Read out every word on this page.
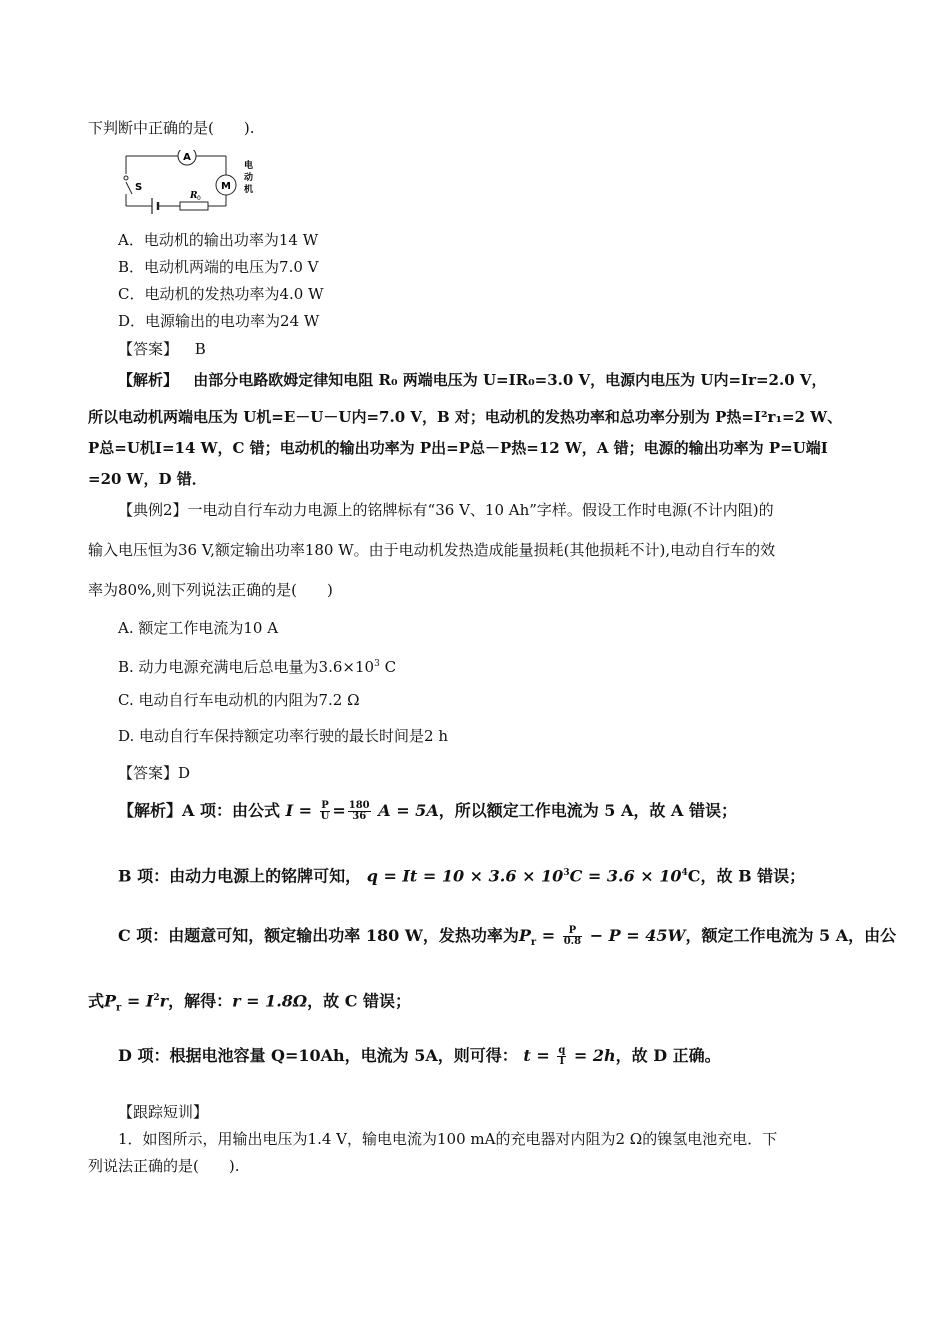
下判断中正确的是(　　).
A
M
S
R 0
电
动
机
A．电动机的输出功率为14 W
B．电动机两端的电压为7.0 V
C．电动机的发热功率为4.0 W
D．电源输出的电功率为24 W
【答案】 B
【解析】 由部分电路欧姆定律知电阻 R₀ 两端电压为 U=IR₀=3.0 V，电源内电压为 U内=Ir=2.0 V，
所以电动机两端电压为 U机=E－U－U内=7.0 V，B 对；电动机的发热功率和总功率分别为 P热=I²r₁=2 W、
P总=U机I=14 W，C 错；电动机的输出功率为 P出=P总－P热=12 W，A 错；电源的输出功率为 P=U端I
=20 W，D 错．
【典例2】一电动自行车动力电源上的铭牌标有“36 V、10 Ah”字样。假设工作时电源(不计内阻)的
输入电压恒为36 V,额定输出功率180 W。由于电动机发热造成能量损耗(其他损耗不计),电动自行车的效
率为80%,则下列说法正确的是(　　)
A. 额定工作电流为10 A
B. 动力电源充满电后总电量为$3.6\times 10^3$ C
C. 电动自行车电动机的内阻为7.2 Ω
D. 电动自行车保持额定功率行驶的最长时间是2 h
【答案】D
【解析】A 项：由公式 $I = \frac{P}{U} = \frac{180}{36}$ A = 5A，所以额定工作电流为 5 A，故 A 错误；
B 项：由动力电源上的铭牌可知， $q = It = 10 \times 3.6 \times 10^3C = 3.6 \times 10^4C$，故 B 错误；
C 项：由题意可知，额定输出功率 180 W，发热功率为$P_r = \frac{P}{0.8} - P = 45W$，额定工作电流为 5 A，由公
式$P_r = I^2r$，解得：r = 1.8Ω，故 C 错误；
D 项：根据电池容量 Q=10Ah，电流为 5A，则可得： $t = \frac{q}{I} = 2h$，故 D 正确。
【跟踪短训】
1．如图所示，用输出电压为1.4 V，输电电流为100 mA的充电器对内阻为2 Ω的镍氢电池充电．下
列说法正确的是(　　).
